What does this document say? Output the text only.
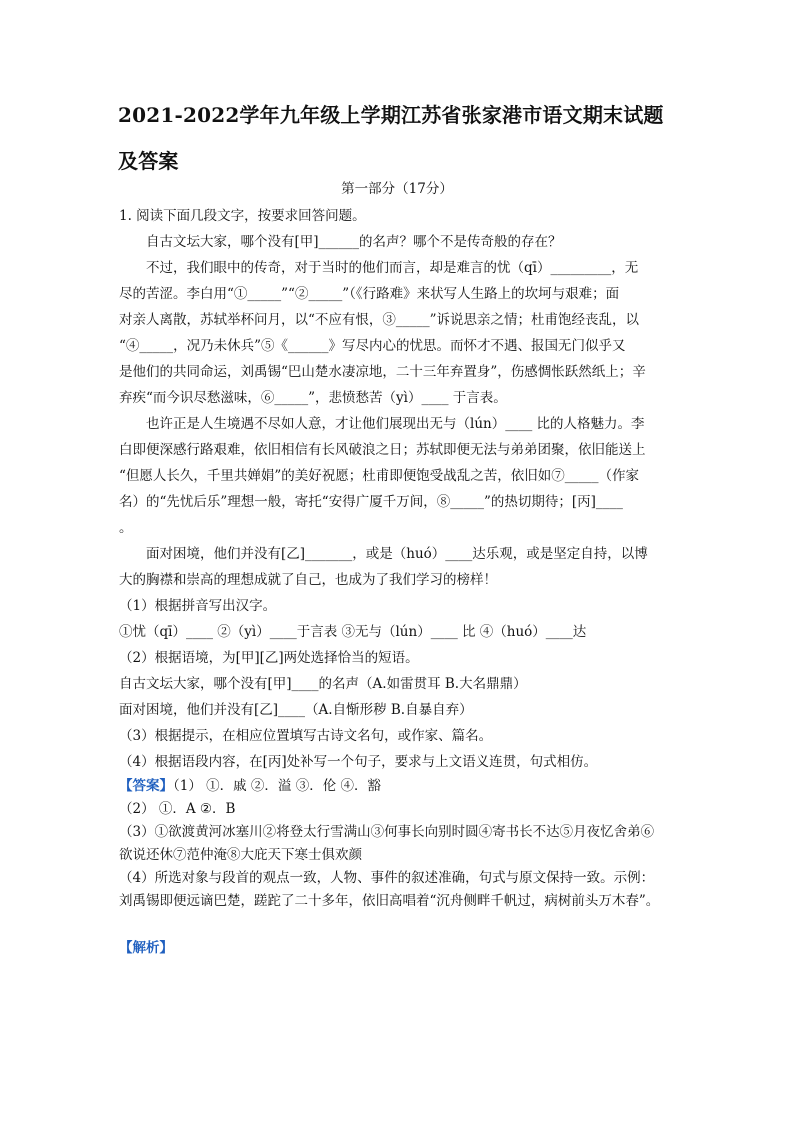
2021-2022学年九年级上学期江苏省张家港市语文期末试题
及答案
第一部分（17分）
1. 阅读下面几段文字，按要求回答问题。
自古文坛大家，哪个没有[甲]______的名声？哪个不是传奇般的存在？
不过，我们眼中的传奇，对于当时的他们而言，却是难言的忧（qī）_________，无
尽的苦涩。李白用“①_____”“②_____”（《行路难》来状写人生路上的坎坷与艰难；面
对亲人离散，苏轼举杯问月，以“不应有恨，③_____”诉说思亲之情；杜甫饱经丧乱，以
“④_____，况乃未休兵”⑤《______》写尽内心的忧思。而怀才不遇、报国无门似乎又
是他们的共同命运，刘禹锡“巴山楚水凄凉地，二十三年弃置身”，伤感惆怅跃然纸上；辛
弃疾“而今识尽愁滋味，⑥_____”，悲愤愁苦（yì）____ 于言表。
也许正是人生境遇不尽如人意，才让他们展现出无与（lún）____ 比的人格魅力。李
白即便深感行路艰难，依旧相信有长风破浪之日；苏轼即便无法与弟弟团聚，依旧能送上
“但愿人长久，千里共婵娟”的美好祝愿；杜甫即便饱受战乱之苦，依旧如⑦_____（作家
名）的“先忧后乐”理想一般，寄托“安得广厦千万间，⑧_____”的热切期待；[丙]____
。
面对困境，他们并没有[乙]_______，或是（huó）____达乐观，或是坚定自持，以博
大的胸襟和崇高的理想成就了自己，也成为了我们学习的榜样！
（1）根据拼音写出汉字。
①忧（qī）____ ②（yì）____于言表 ③无与（lún）____ 比 ④（huó）____达
（2）根据语境，为[甲][乙]两处选择恰当的短语。
自古文坛大家，哪个没有[甲]____的名声（A.如雷贯耳 B.大名鼎鼎）
面对困境，他们并没有[乙]____（A.自惭形秽 B.自暴自弃）
（3）根据提示，在相应位置填写古诗文名句，或作家、篇名。
（4）根据语段内容，在[丙]处补写一个句子，要求与上文语义连贯，句式相仿。
【答案】（1） ①．戚 ②．溢 ③．伦 ④．豁
（2） ①．A ②．B
（3）①欲渡黄河冰塞川②将登太行雪满山③何事长向别时圆④寄书长不达⑤月夜忆舍弟⑥
欲说还休⑦范仲淹⑧大庇天下寒士俱欢颜
（4）所选对象与段首的观点一致，人物、事件的叙述准确，句式与原文保持一致。示例：
刘禹锡即便远谪巴楚，蹉跎了二十多年，依旧高唱着“沉舟侧畔千帆过，病树前头万木春”。
【解析】
